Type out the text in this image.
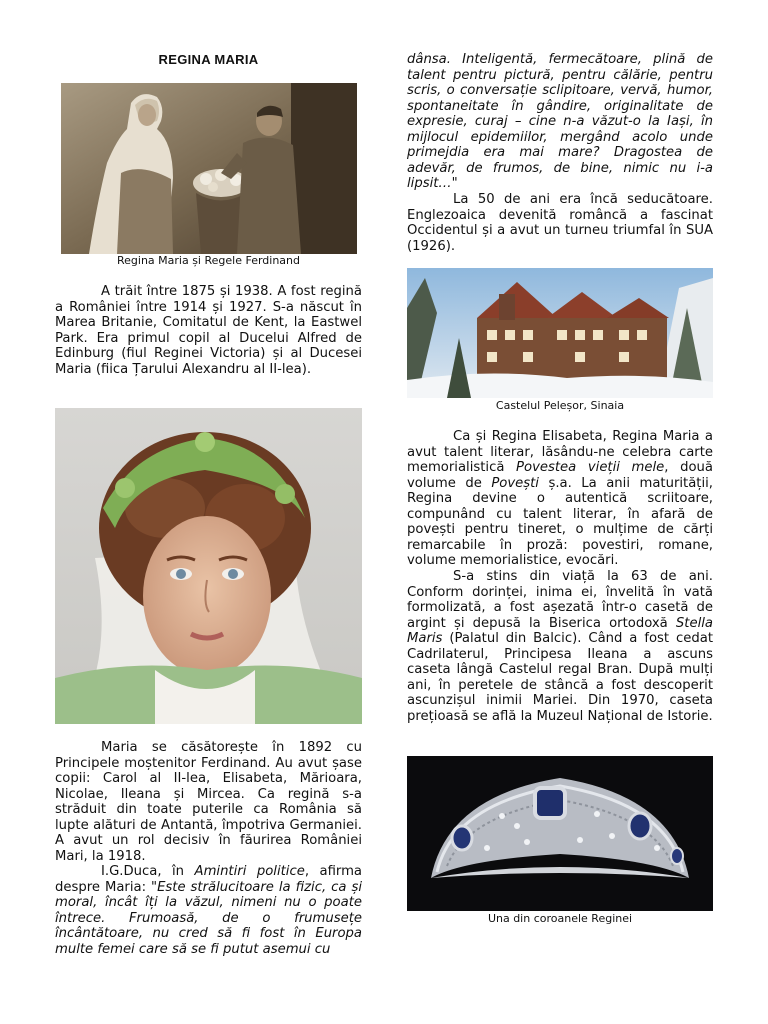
REGINA MARIA
Regina Maria și Regele Ferdinand

A trăit între 1875 și 1938. A fost regină a României între 1914 și 1927. S-a născut în Marea Britanie, Comitatul de Kent, la Eastwel Park. Era primul copil al Ducelui Alfred de Edinburg (fiul Reginei Victoria) și al Ducesei Maria (fiica Țarului Alexandru al II-lea).

Maria se căsătorește în 1892 cu Principele moștenitor Ferdinand. Au avut șase copii: Carol al II-lea, Elisabeta, Mărioara, Nicolae, Ileana și Mircea. Ca regină s-a străduit din toate puterile ca România să lupte alături de Antantă, împotriva Germaniei. A avut un rol decisiv în făurirea României Mari, la 1918.

I.G.Duca, în Amintiri politice, afirma despre Maria: "Este strălucitoare la fizic, ca și moral, încât îți la văzul, nimeni nu o poate întrece. Frumoasă, de o frumusețe încântătoare, nu cred să fi fost în Europa multe femei care să se fi putut asemui cu

dânsa. Inteligentă, fermecătoare, plină de talent pentru pictură, pentru călărie, pentru scris, o conversație sclipitoare, vervă, humor, spontaneitate în gândire, originalitate de expresie, curaj – cine n-a văzut-o la Iași, în mijlocul epidemiilor, mergând acolo unde primejdia era mai mare? Dragostea de adevăr, de frumos, de bine, nimic nu i-a lipsit…"

La 50 de ani era încă seducătoare. Englezoaica devenită româncă a fascinat Occidentul și a avut un turneu triumfal în SUA (1926).

Castelul Peleșor, Sinaia

Ca și Regina Elisabeta, Regina Maria a avut talent literar, lăsându-ne celebra carte memorialistică Povestea vieții mele, două volume de Povești ș.a. La anii maturității, Regina devine o autentică scriitoare, compunând cu talent literar, în afară de povești pentru tineret, o mulțime de cărți remarcabile în proză: povestiri, romane, volume memorialistice, evocări.

S-a stins din viață la 63 de ani. Conform dorinței, inima ei, învelită în vată formolizată, a fost așezată într-o casetă de argint și depusă la Biserica ortodoxă Stella Maris (Palatul din Balcic). Când a fost cedat Cadrilaterul, Principesa Ileana a ascuns caseta lângă Castelul regal Bran. După mulți ani, în peretele de stâncă a fost descoperit ascunzișul inimii Mariei. Din 1970, caseta prețioasă se află la Muzeul Național de Istorie.

Una din coroanele Reginei
